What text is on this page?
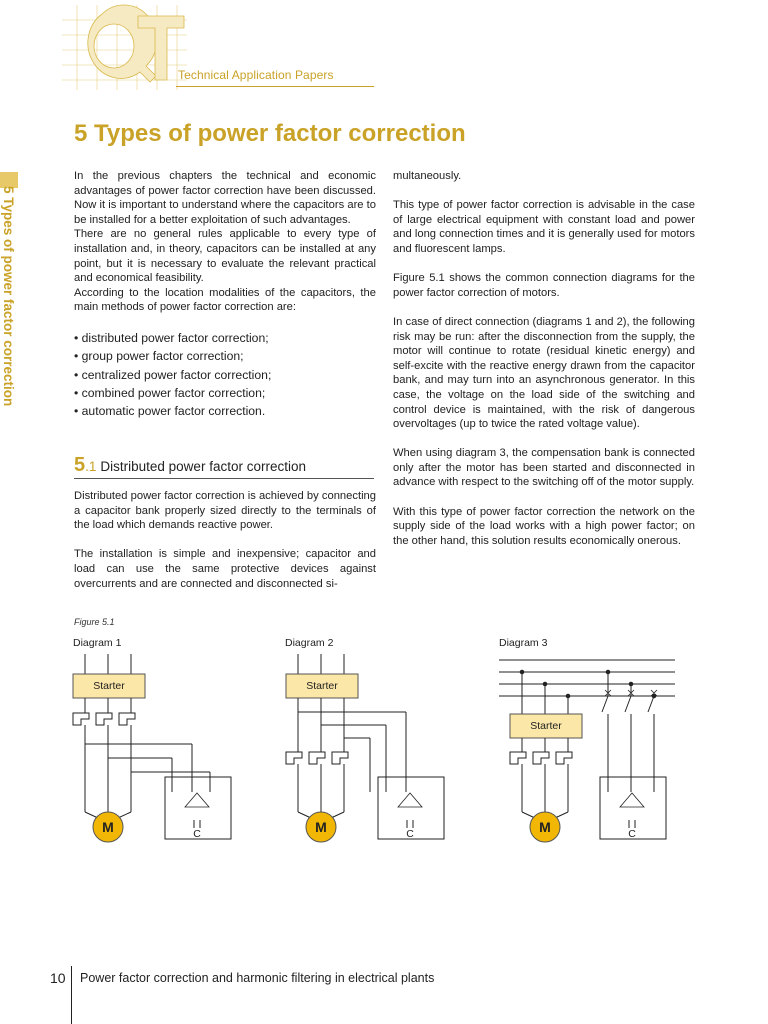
Technical Application Papers
5 Types of power factor correction
5 Types of power factor correction

In the previous chapters the technical and economic advantages of power factor correction have been discussed. Now it is important to understand where the capacitors are to be installed for a better exploitation of such advantages.

There are no general rules applicable to every type of installation and, in theory, capacitors can be installed at any point, but it is necessary to evaluate the relevant practical and economical feasibility.

According to the location modalities of the capacitors, the main methods of power factor correction are:

• distributed power factor correction;
• group power factor correction;
• centralized power factor correction;
• combined power factor correction;
• automatic power factor correction.
5.1 Distributed power factor correction

Distributed power factor correction is achieved by connecting a capacitor bank properly sized directly to the terminals of the load which demands reactive power.

The installation is simple and inexpensive; capacitor and load can use the same protective devices against overcurrents and are connected and disconnected si-

multaneously.

This type of power factor correction is advisable in the case of large electrical equipment with constant load and power and long connection times and it is generally used for motors and fluorescent lamps.

Figure 5.1 shows the common connection diagrams for the power factor correction of motors.

In case of direct connection (diagrams 1 and 2), the following risk may be run: after the disconnection from the supply, the motor will continue to rotate (residual kinetic energy) and self-excite with the reactive energy drawn from the capacitor bank, and may turn into an asynchronous generator. In this case, the voltage on the load side of the switching and control device is maintained, with the risk of dangerous overvoltages (up to twice the rated voltage value).

When using diagram 3, the compensation bank is connected only after the motor has been started and disconnected in advance with respect to the switching off of the motor supply.

With this type of power factor correction the network on the supply side of the load works with a high power factor; on the other hand, this solution results economically onerous.

Figure 5.1
Diagram 1
Starter
C
M
Diagram 2
Starter
C
M
Diagram 3
Starter
C
M
10 Power factor correction and harmonic filtering in electrical plants
